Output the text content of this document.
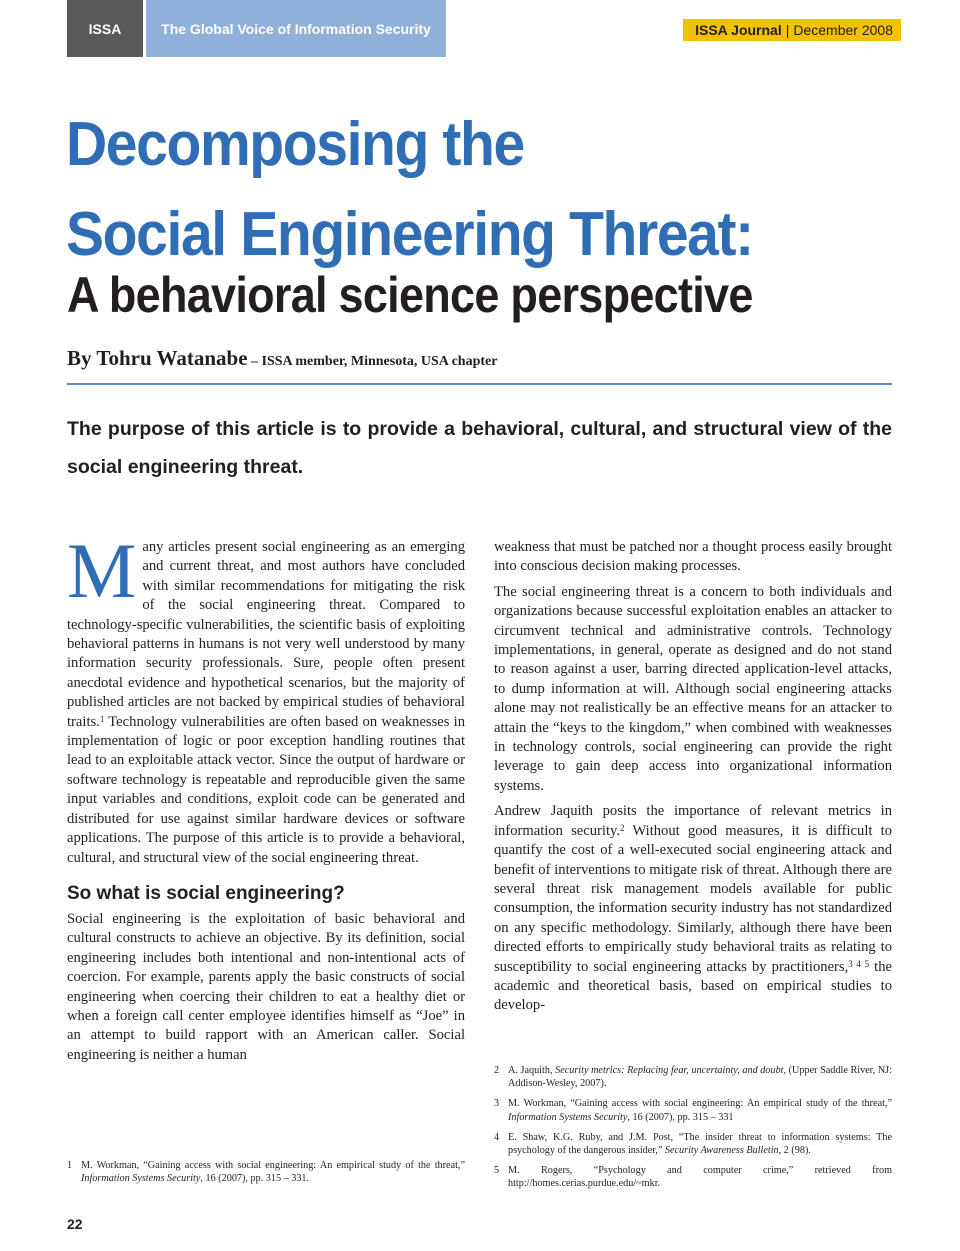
ISSA	The Global Voice of Information Security	ISSA Journal | December 2008
Decomposing the
Social Engineering Threat:
A behavioral science perspective
By Tohru Watanabe – ISSA member, Minnesota, USA chapter
The purpose of this article is to provide a behavioral, cultural, and structural view of the social engineering threat.

Many articles present social engineering as an emerging and current threat, and most authors have concluded with similar recommendations for mitigating the risk of the social engineering threat. Compared to technology-specific vulnerabilities, the scientific basis of exploiting behavioral patterns in humans is not very well understood by many information security professionals. Sure, people often present anecdotal evidence and hypothetical scenarios, but the majority of published articles are not backed by empirical studies of behavioral traits.$^1$ Technology vulnerabilities are often based on weaknesses in implementation of logic or poor exception handling routines that lead to an exploitable attack vector. Since the output of hardware or software technology is repeatable and reproducible given the same input variables and conditions, exploit code can be generated and distributed for use against similar hardware devices or software applications. The purpose of this article is to provide a behavioral, cultural, and structural view of the social engineering threat.

So what is social engineering?

Social engineering is the exploitation of basic behavioral and cultural constructs to achieve an objective. By its definition, social engineering includes both intentional and non-intentional acts of coercion. For example, parents apply the basic constructs of social engineering when coercing their children to eat a healthy diet or when a foreign call center employee identifies himself as “Joe” in an attempt to build rapport with an American caller. Social engineering is neither a human

weakness that must be patched nor a thought process easily brought into conscious decision making processes.

The social engineering threat is a concern to both individuals and organizations because successful exploitation enables an attacker to circumvent technical and administrative controls. Technology implementations, in general, operate as designed and do not stand to reason against a user, barring directed application-level attacks, to dump information at will. Although social engineering attacks alone may not realistically be an effective means for an attacker to attain the “keys to the kingdom,” when combined with weaknesses in technology controls, social engineering can provide the right leverage to gain deep access into organizational information systems.

Andrew Jaquith posits the importance of relevant metrics in information security.$^2$ Without good measures, it is difficult to quantify the cost of a well-executed social engineering attack and benefit of interventions to mitigate risk of threat. Although there are several threat risk management models available for public consumption, the information security industry has not standardized on any specific methodology. Similarly, although there have been directed efforts to empirically study behavioral traits as relating to susceptibility to social engineering attacks by practitioners,$^{3 4 5}$ the academic and theoretical basis, based on empirical studies to develop-

1 M. Workman, “Gaining access with social engineering: An empirical study of the threat,” Information Systems Security, 16 (2007), pp. 315 – 331.
2 A. Jaquith, Security metrics: Replacing fear, uncertainty, and doubt, (Upper Saddle River, NJ: Addison-Wesley, 2007).
3 M. Workman, “Gaining access with social engineering: An empirical study of the threat,” Information Systems Security, 16 (2007), pp. 315 – 331
4 E. Shaw, K.G. Ruby, and J.M. Post, “The insider threat to information systems: The psychology of the dangerous insider,” Security Awareness Bulletin, 2 (98).
5 M. Rogers, “Psychology and computer crime,” retrieved from http://homes.cerias.purdue.edu/~mkr.
22
